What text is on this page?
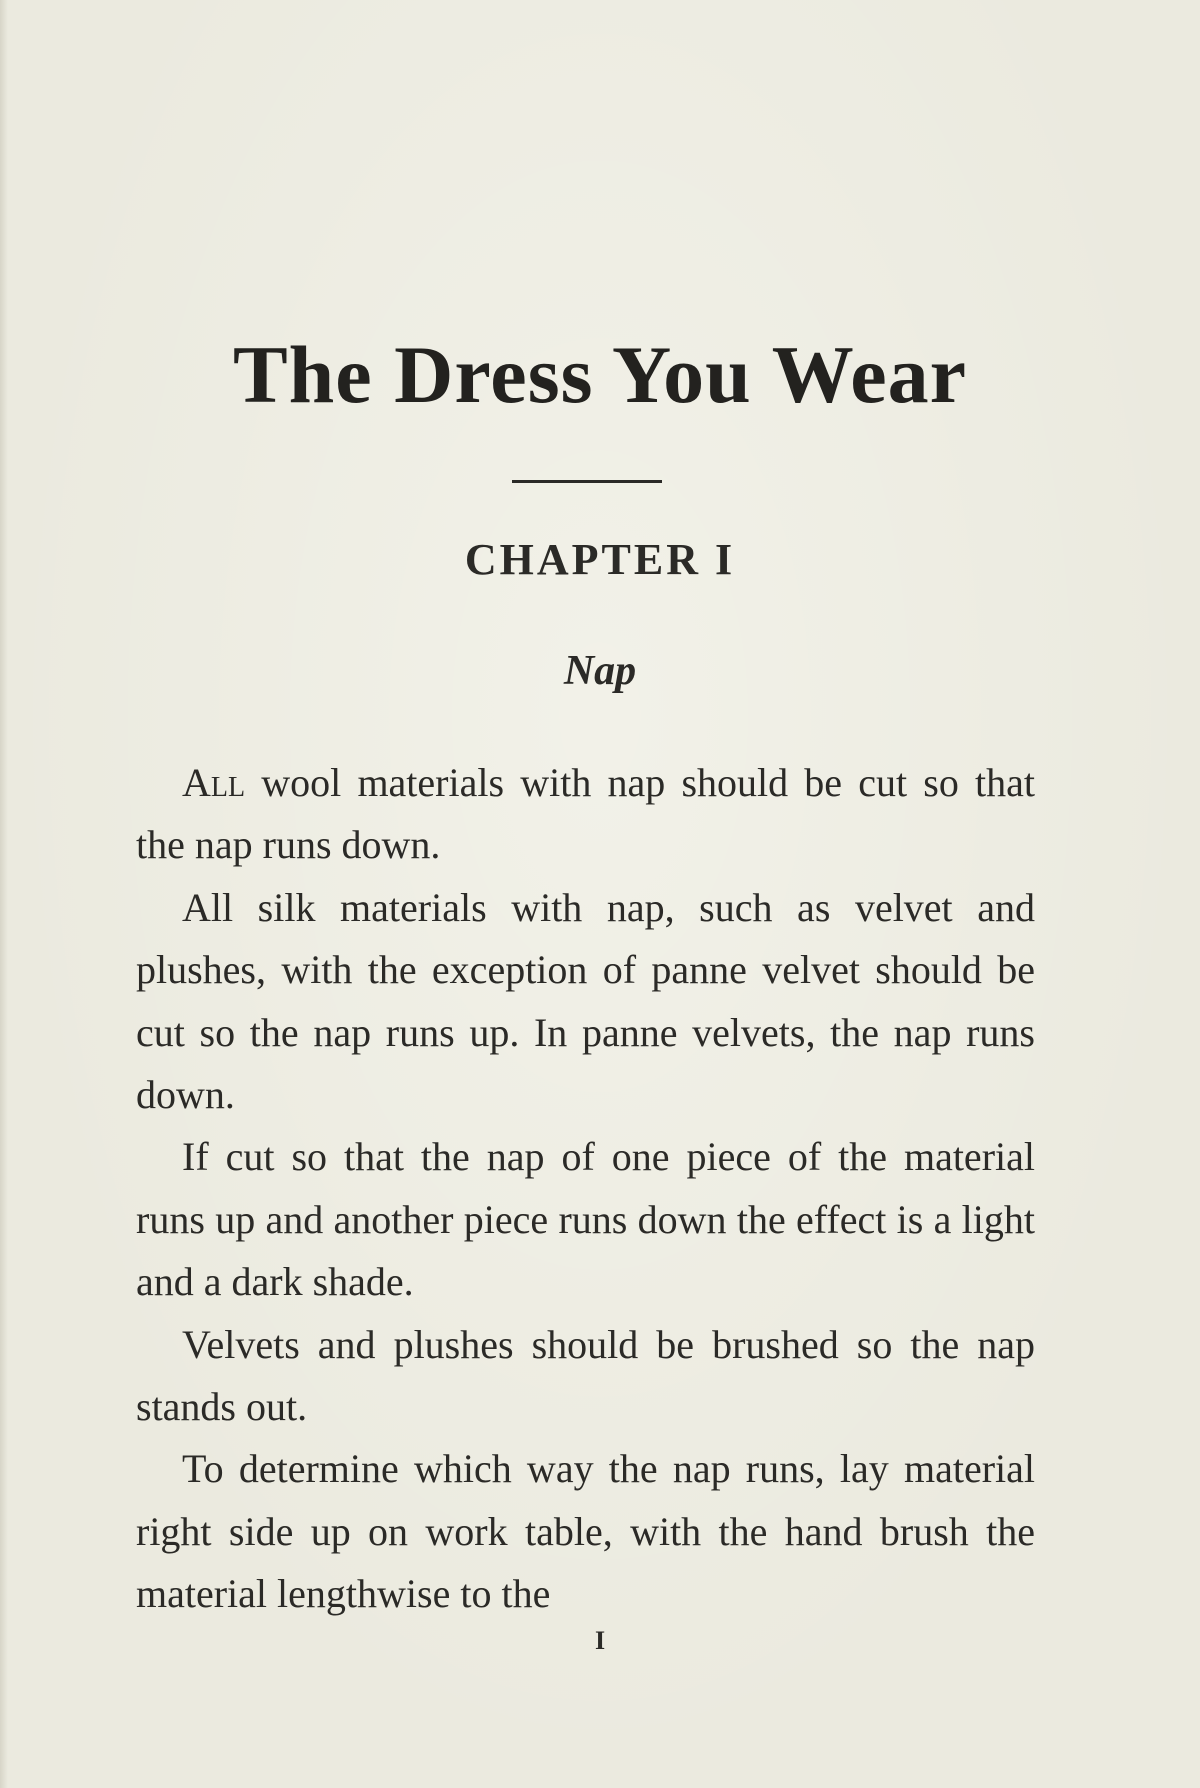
The Dress You Wear
CHAPTER I
Nap

All wool materials with nap should be cut so that the nap runs down.

All silk materials with nap, such as velvet and plushes, with the exception of panne velvet should be cut so the nap runs up. In panne velvets, the nap runs down.

If cut so that the nap of one piece of the material runs up and another piece runs down the effect is a light and a dark shade.

Velvets and plushes should be brushed so the nap stands out.

To determine which way the nap runs, lay material right side up on work table, with the hand brush the material lengthwise to the

I
